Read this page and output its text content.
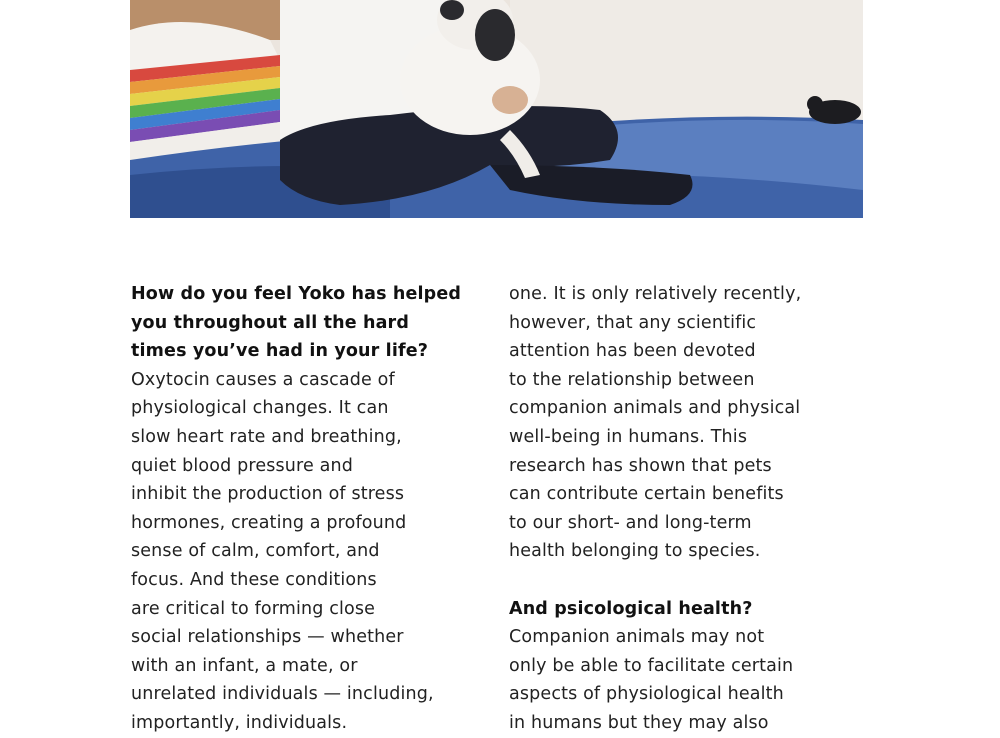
How do you feel Yoko has helped
you throughout all the hard
times you’ve had in your life?
Oxytocin causes a cascade of
physiological changes. It can
slow heart rate and breathing,
quiet blood pressure and
inhibit the production of stress
hormones, creating a profound
sense of calm, comfort, and
focus. And these conditions
are critical to forming close
social relationships — whether
with an infant, a mate, or
unrelated individuals — including,
importantly, individuals.
one. It is only relatively recently,
however, that any scientific
attention has been devoted
to the relationship between
companion animals and physical
well-being in humans. This
research has shown that pets
can contribute certain benefits
to our short- and long-term
health belonging to species.
And psicological health?
Companion animals may not
only be able to facilitate certain
aspects of physiological health
in humans but they may also
